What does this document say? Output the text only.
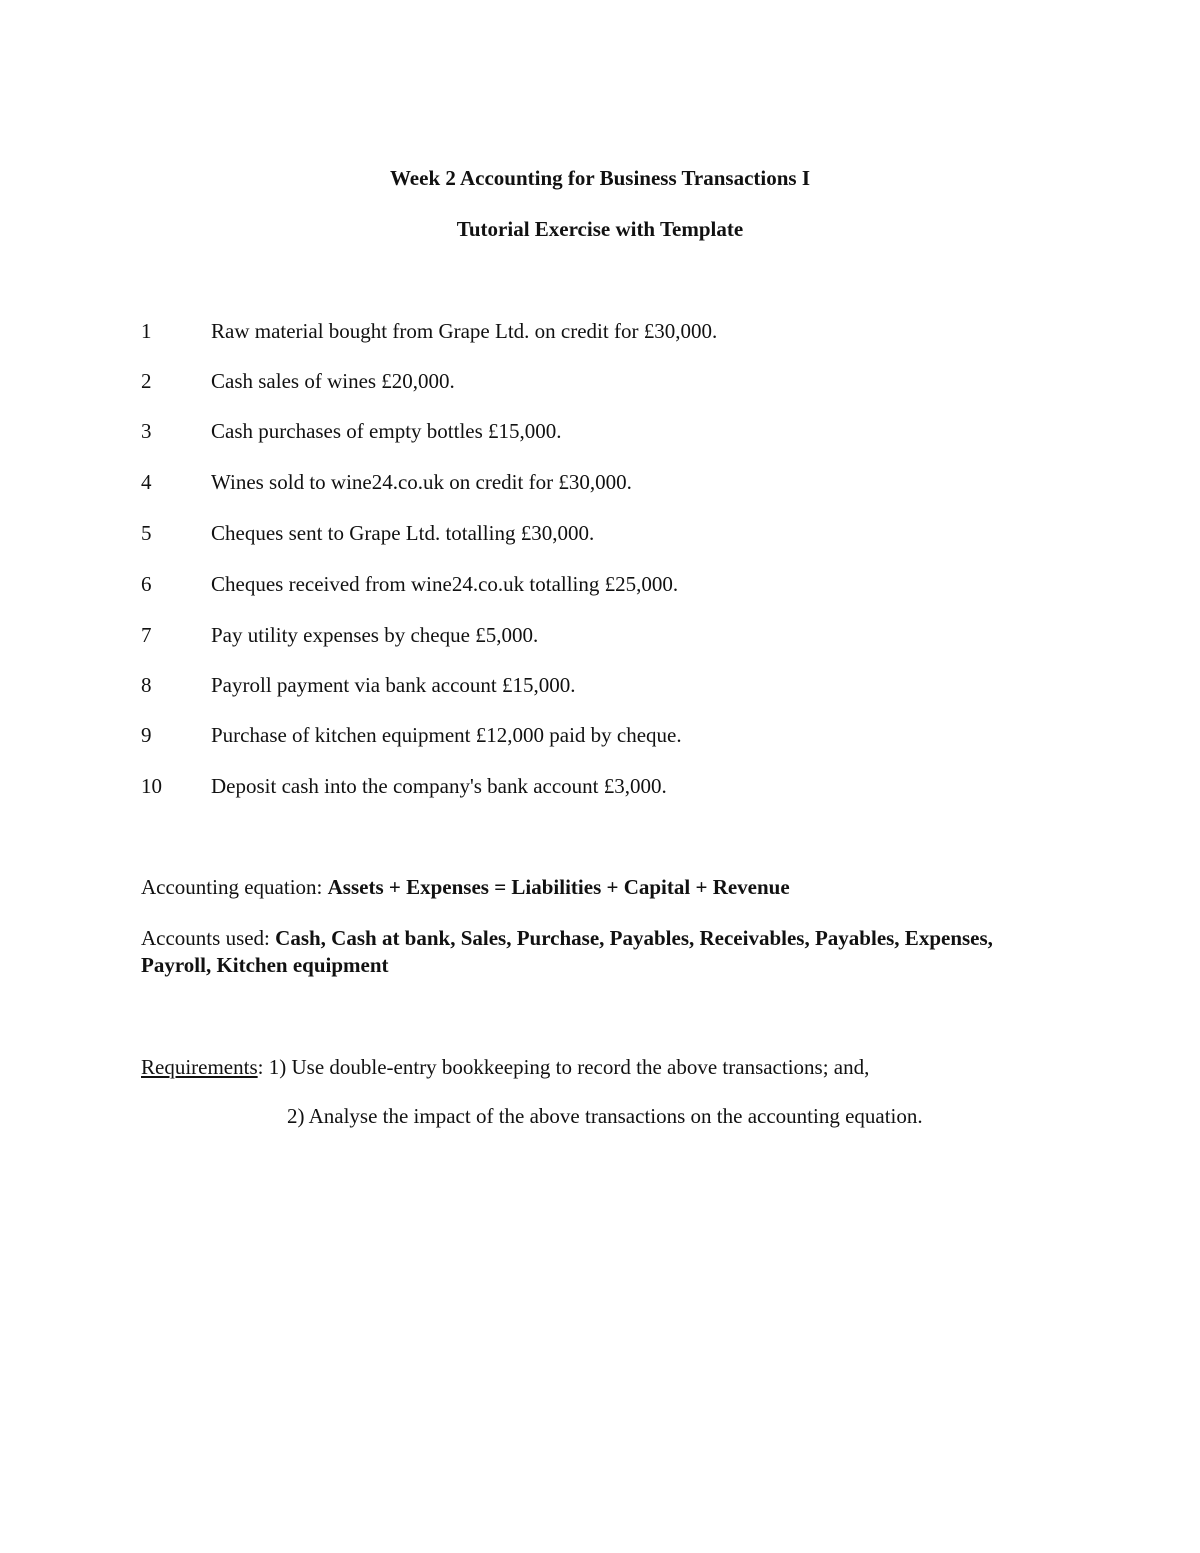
Week 2 Accounting for Business Transactions I
Tutorial Exercise with Template
1	Raw material bought from Grape Ltd. on credit for £30,000.
2	Cash sales of wines £20,000.
3	Cash purchases of empty bottles £15,000.
4	Wines sold to wine24.co.uk on credit for £30,000.
5	Cheques sent to Grape Ltd. totalling £30,000.
6	Cheques received from wine24.co.uk totalling £25,000.
7	Pay utility expenses by cheque £5,000.
8	Payroll payment via bank account £15,000.
9	Purchase of kitchen equipment £12,000 paid by cheque.
10	Deposit cash into the company's bank account £3,000.
Accounting equation: Assets + Expenses = Liabilities + Capital + Revenue
Accounts used: Cash, Cash at bank, Sales, Purchase, Payables, Receivables, Payables, Expenses, Payroll, Kitchen equipment
Requirements: 1) Use double-entry bookkeeping to record the above transactions; and,
2) Analyse the impact of the above transactions on the accounting equation.
